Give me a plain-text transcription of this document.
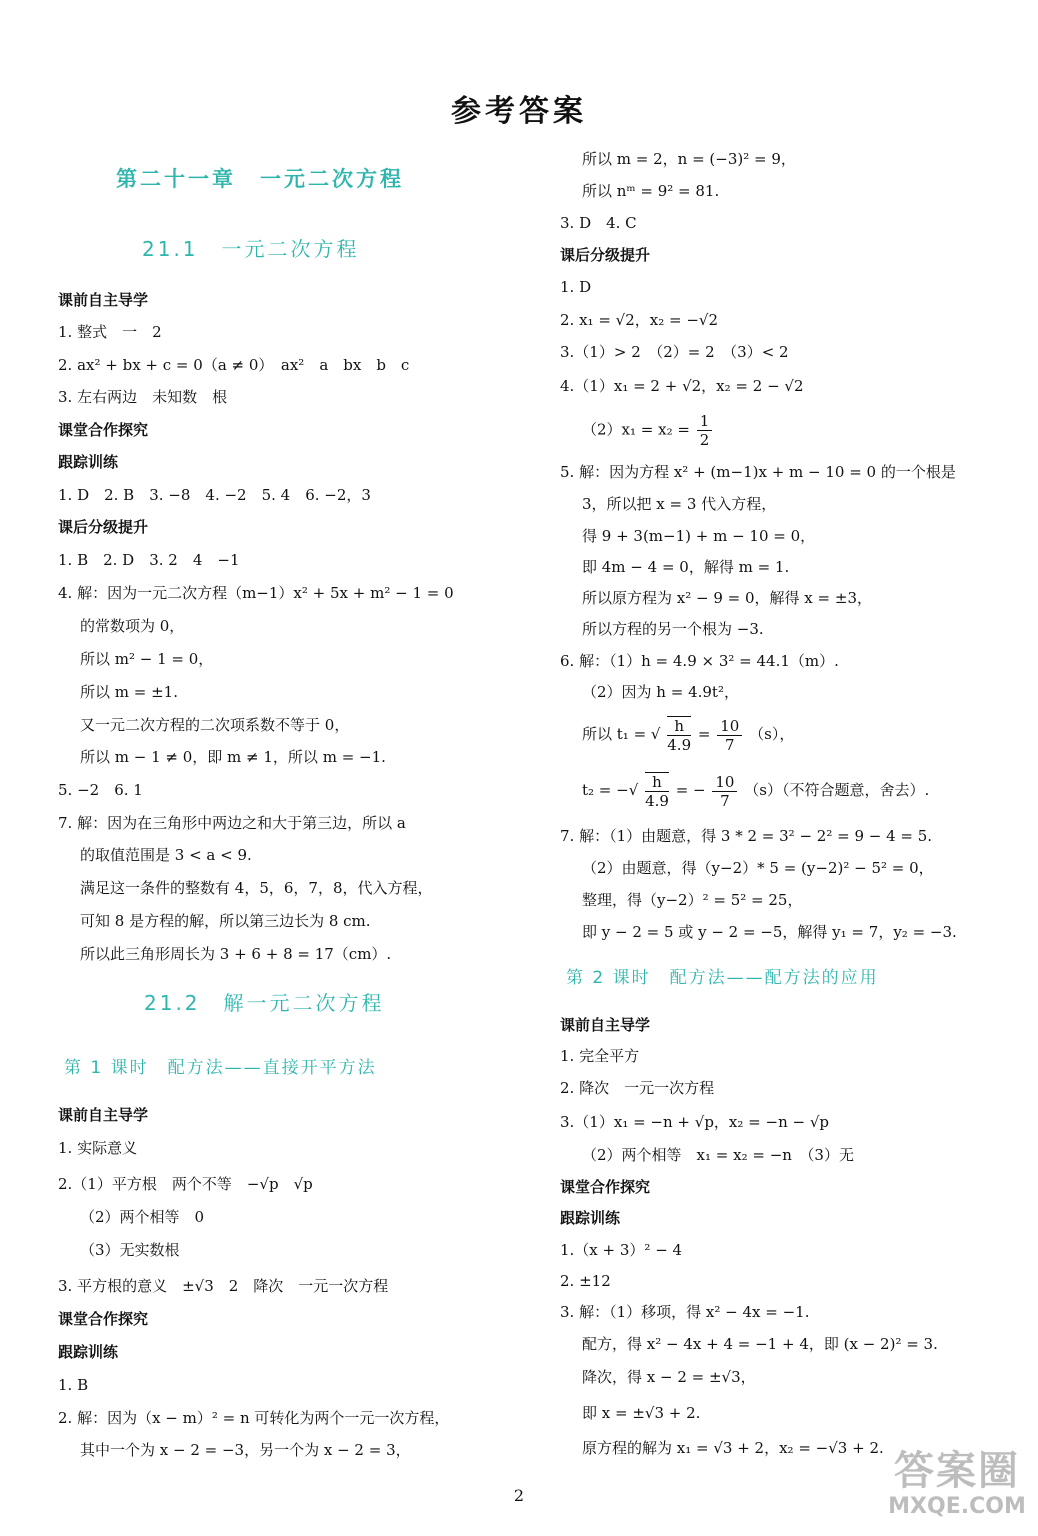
参考答案
第二十一章　一元二次方程
21.1　一元二次方程
课前自主导学
1. 整式　一　2
2. ax² + bx + c = 0（a ≠ 0）　ax²　a　bx　b　c
3. 左右两边　未知数　根
课堂合作探究
跟踪训练
1. D　2. B　3. −8　4. −2　5. 4　6. −2，3
课后分级提升
1. B　2. D　3. 2　4　−1
4. 解：因为一元二次方程（m−1）x² + 5x + m² − 1 = 0
的常数项为 0，
所以 m² − 1 = 0，
所以 m = ±1.
又一元二次方程的二次项系数不等于 0，
所以 m − 1 ≠ 0，即 m ≠ 1，所以 m = −1.
5. −2　6. 1
7. 解：因为在三角形中两边之和大于第三边，所以 a
的取值范围是 3 < a < 9.
满足这一条件的整数有 4，5，6，7，8，代入方程，
可知 8 是方程的解，所以第三边长为 8 cm.
所以此三角形周长为 3 + 6 + 8 = 17（cm）.
21.2　解一元二次方程
第 1 课时　配方法——直接开平方法
课前自主导学
1. 实际意义
2.（1）平方根　两个不等　−√p　√p
（2）两个相等　0
（3）无实数根
3. 平方根的意义　±√3　2　降次　一元一次方程
课堂合作探究
跟踪训练
1. B
2. 解：因为（x − m）² = n 可转化为两个一元一次方程，
其中一个为 x − 2 = −3，另一个为 x − 2 = 3，
所以 m = 2，n = (−3)² = 9，
所以 nᵐ = 9² = 81.
3. D　4. C
课后分级提升
1. D
2. x₁ = √2，x₂ = −√2
3.（1）> 2　（2）= 2　（3）< 2
4.（1）x₁ = 2 + √2，x₂ = 2 − √2
$(2)x_1 = x_2 = \frac{1}{2}$
5. 解：因为方程 x² + (m−1)x + m − 10 = 0 的一个根是
3，所以把 x = 3 代入方程，
得 9 + 3(m−1) + m − 10 = 0，
即 4m − 4 = 0，解得 m = 1.
所以原方程为 x² − 9 = 0，解得 x = ±3，
所以方程的另一个根为 −3.
6. 解：（1）h = 4.9 × 3² = 44.1（m）.
（2）因为 h = 4.9t²，
所以 t₁ = √ $\frac{h}{4.9} = \frac{10}{7} (s)$，
t₂ = −√ $\frac{h}{4.9}$ = − $\frac{10}{7} (s)$（不符合题意，舍去）.
7. 解：（1）由题意，得 3 * 2 = 3² − 2² = 9 − 4 = 5.
（2）由题意，得（y−2）* 5 = (y−2)² − 5² = 0，
整理，得（y−2）² = 5² = 25，
即 y − 2 = 5 或 y − 2 = −5，解得 y₁ = 7，y₂ = −3.
第 2 课时　配方法——配方法的应用
课前自主导学
1. 完全平方
2. 降次　一元一次方程
3.（1）x₁ = −n + √p，x₂ = −n − √p
（2）两个相等　x₁ = x₂ = −n　（3）无
课堂合作探究
跟踪训练
1.（x + 3）² − 4
2. ±12
3. 解：（1）移项，得 x² − 4x = −1.
配方，得 x² − 4x + 4 = −1 + 4，即 (x − 2)² = 3.
降次，得 x − 2 = ±√3，
即 x = ±√3 + 2.
原方程的解为 x₁ = √3 + 2，x₂ = −√3 + 2.
2
答案圈
MXQE.COM
